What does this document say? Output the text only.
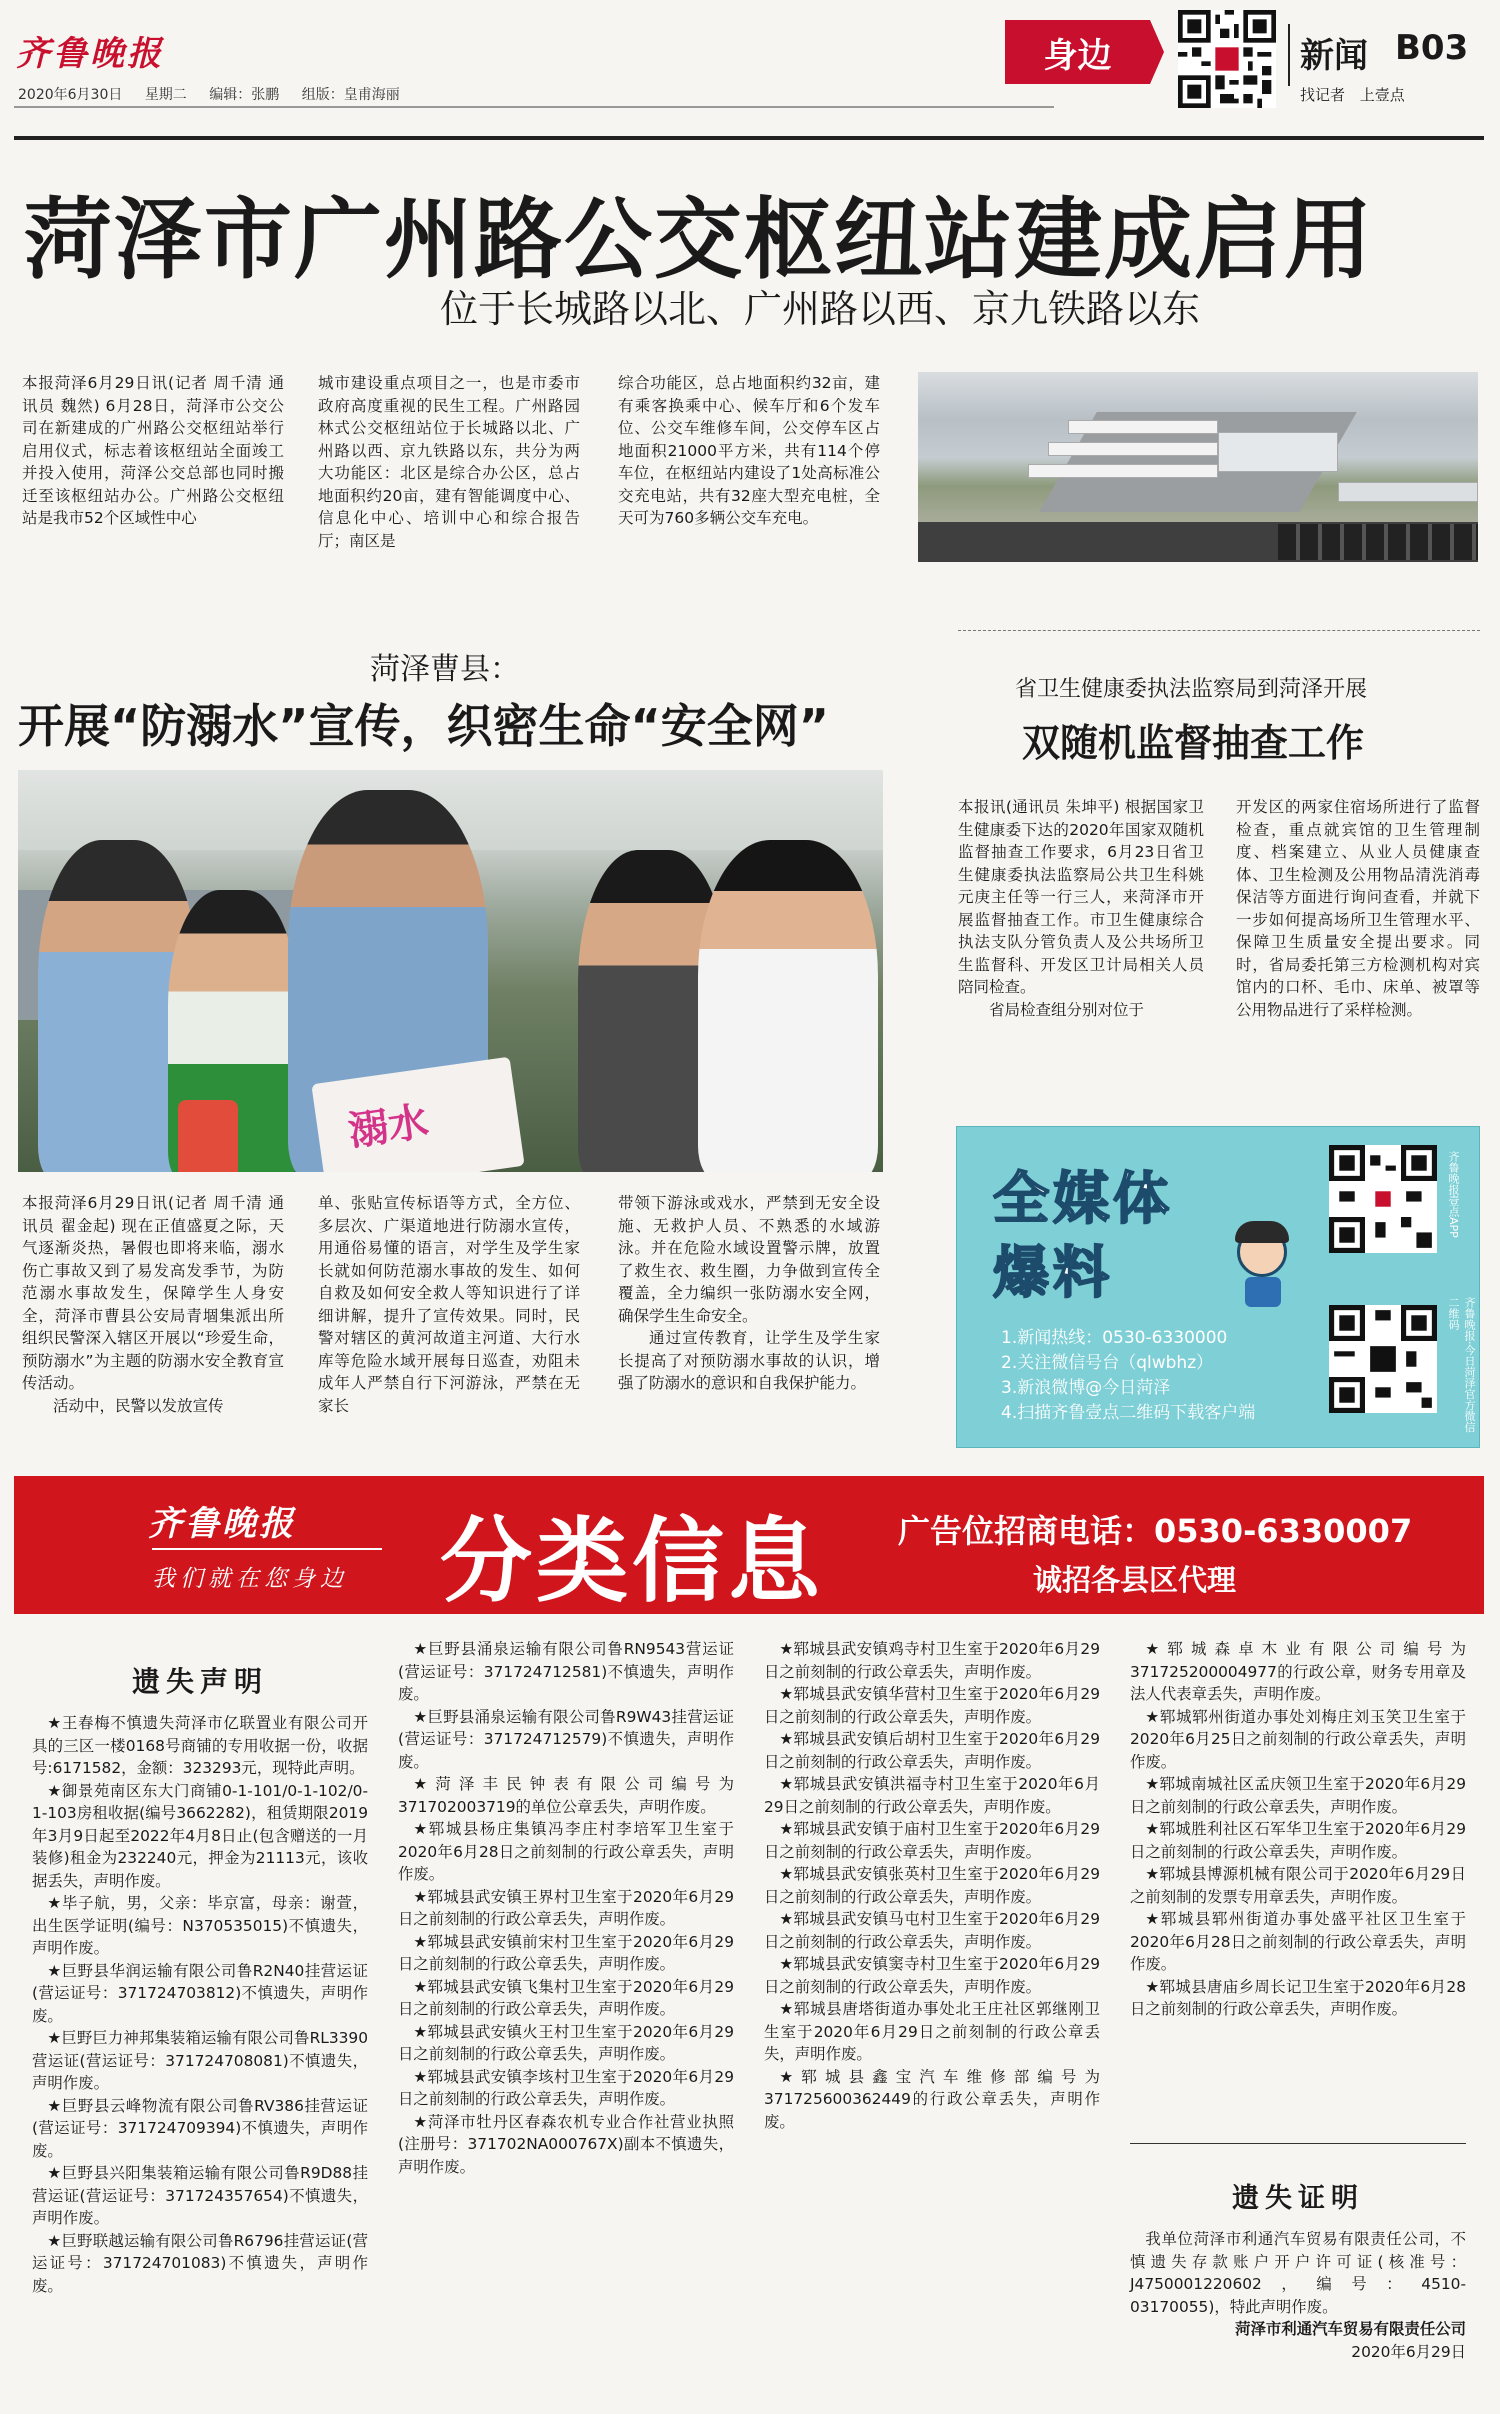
齐鲁晚报
2020年6月30日 星期二 编辑：张鹏 组版：皇甫海丽
身边	新闻 B03
找记者 上壹点
菏泽市广州路公交枢纽站建成启用
位于长城路以北、广州路以西、京九铁路以东
本报菏泽6月29日讯(记者 周千清 通讯员 魏然) 6月28日，菏泽市公交公司在新建成的广州路公交枢纽站举行启用仪式，标志着该枢纽站全面竣工并投入使用，菏泽公交总部也同时搬迁至该枢纽站办公。广州路公交枢纽站是我市52个区域性中心
城市建设重点项目之一，也是市委市政府高度重视的民生工程。广州路园林式公交枢纽站位于长城路以北、广州路以西、京九铁路以东，共分为两大功能区：北区是综合办公区，总占地面积约20亩，建有智能调度中心、信息化中心、培训中心和综合报告厅；南区是
综合功能区，总占地面积约32亩，建有乘客换乘中心、候车厅和6个发车位、公交车维修车间，公交停车区占地面积21000平方米，共有114个停车位，在枢纽站内建设了1处高标准公交充电站，共有32座大型充电桩，全天可为760多辆公交车充电。
菏泽曹县：
开展“防溺水”宣传，织密生命“安全网”
溺水
本报菏泽6月29日讯(记者 周千清 通讯员 翟金起) 现在正值盛夏之际，天气逐渐炎热，暑假也即将来临，溺水伤亡事故又到了易发高发季节，为防范溺水事故发生，保障学生人身安全，菏泽市曹县公安局青堌集派出所组织民警深入辖区开展以“珍爱生命，预防溺水”为主题的防溺水安全教育宣传活动。
活动中，民警以发放宣传
单、张贴宣传标语等方式，全方位、多层次、广渠道地进行防溺水宣传，用通俗易懂的语言，对学生及学生家长就如何防范溺水事故的发生、如何自救及如何安全救人等知识进行了详细讲解，提升了宣传效果。同时，民警对辖区的黄河故道主河道、大行水库等危险水域开展每日巡查，劝阻未成年人严禁自行下河游泳，严禁在无家长
带领下游泳或戏水，严禁到无安全设施、无救护人员、不熟悉的水域游泳。并在危险水域设置警示牌，放置了救生衣、救生圈，力争做到宣传全覆盖，全力编织一张防溺水安全网，确保学生生命安全。
通过宣传教育，让学生及学生家长提高了对预防溺水事故的认识，增强了防溺水的意识和自我保护能力。
省卫生健康委执法监察局到菏泽开展
双随机监督抽查工作
本报讯(通讯员 朱坤平) 根据国家卫生健康委下达的2020年国家双随机监督抽查工作要求，6月23日省卫生健康委执法监察局公共卫生科姚元庚主任等一行三人，来菏泽市开展监督抽查工作。市卫生健康综合执法支队分管负责人及公共场所卫生监督科、开发区卫计局相关人员陪同检查。
省局检查组分别对位于
开发区的两家住宿场所进行了监督检查，重点就宾馆的卫生管理制度、档案建立、从业人员健康查体、卫生检测及公用物品清洗消毒保洁等方面进行询问查看，并就下一步如何提高场所卫生管理水平、保障卫生质量安全提出要求。同时，省局委托第三方检测机构对宾馆内的口杯、毛巾、床单、被罩等公用物品进行了采样检测。
全媒体
爆料
1.新闻热线：0530-6330000
2.关注微信号台（qlwbhz）
3.新浪微博@今日菏泽
4.扫描齐鲁壹点二维码下载客户端
齐鲁晚报壹点APP
齐鲁晚报·今日菏泽官方微信二维码
齐鲁晚报
我们就在您身边 分类信息 广告位招商电话：0530-6330007
诚招各县区代理
遗失声明

★王春梅不慎遗失菏泽市亿联置业有限公司开具的三区一楼0168号商铺的专用收据一份，收据号:6171582，金额：323293元，现特此声明。

★御景苑南区东大门商铺0-1-101/0-1-102/0-1-103房租收据(编号3662282)，租赁期限2019年3月9日起至2022年4月8日止(包含赠送的一月装修)租金为232240元，押金为21113元，该收据丢失，声明作废。

★毕子航，男，父亲：毕京富，母亲：谢萱，出生医学证明(编号：N370535015)不慎遗失，声明作废。

★巨野县华润运输有限公司鲁R2N40挂营运证(营运证号：371724703812)不慎遗失，声明作废。

★巨野巨力神邦集装箱运输有限公司鲁RL3390营运证(营运证号：371724708081)不慎遗失，声明作废。

★巨野县云峰物流有限公司鲁RV386挂营运证(营运证号：371724709394)不慎遗失，声明作废。

★巨野县兴阳集装箱运输有限公司鲁R9D88挂营运证(营运证号：371724357654)不慎遗失，声明作废。

★巨野联越运输有限公司鲁R6796挂营运证(营运证号：371724701083)不慎遗失，声明作废。

★巨野县涌泉运输有限公司鲁RN9543营运证(营运证号：371724712581)不慎遗失，声明作废。

★巨野县涌泉运输有限公司鲁R9W43挂营运证(营运证号：371724712579)不慎遗失，声明作废。

★菏泽丰民钟表有限公司编号为371702003719的单位公章丢失，声明作废。

★郓城县杨庄集镇冯李庄村李培军卫生室于2020年6月28日之前刻制的行政公章丢失，声明作废。

★郓城县武安镇王界村卫生室于2020年6月29日之前刻制的行政公章丢失，声明作废。

★郓城县武安镇前宋村卫生室于2020年6月29日之前刻制的行政公章丢失，声明作废。

★郓城县武安镇飞集村卫生室于2020年6月29日之前刻制的行政公章丢失，声明作废。

★郓城县武安镇火王村卫生室于2020年6月29日之前刻制的行政公章丢失，声明作废。

★郓城县武安镇李垓村卫生室于2020年6月29日之前刻制的行政公章丢失，声明作废。

★菏泽市牡丹区春森农机专业合作社营业执照(注册号：371702NA000767X)副本不慎遗失，声明作废。

★郓城县武安镇鸡寺村卫生室于2020年6月29日之前刻制的行政公章丢失，声明作废。

★郓城县武安镇华营村卫生室于2020年6月29日之前刻制的行政公章丢失，声明作废。

★郓城县武安镇后胡村卫生室于2020年6月29日之前刻制的行政公章丢失，声明作废。

★郓城县武安镇洪福寺村卫生室于2020年6月29日之前刻制的行政公章丢失，声明作废。

★郓城县武安镇于庙村卫生室于2020年6月29日之前刻制的行政公章丢失，声明作废。

★郓城县武安镇张英村卫生室于2020年6月29日之前刻制的行政公章丢失，声明作废。

★郓城县武安镇马屯村卫生室于2020年6月29日之前刻制的行政公章丢失，声明作废。

★郓城县武安镇窦寺村卫生室于2020年6月29日之前刻制的行政公章丢失，声明作废。

★郓城县唐塔街道办事处北王庄社区郭继刚卫生室于2020年6月29日之前刻制的行政公章丢失，声明作废。

★郓城县鑫宝汽车维修部编号为371725600362449的行政公章丢失，声明作废。

★郓城森卓木业有限公司编号为371725200004977的行政公章，财务专用章及法人代表章丢失，声明作废。

★郓城郓州街道办事处刘梅庄刘玉笑卫生室于2020年6月25日之前刻制的行政公章丢失，声明作废。

★郓城南城社区孟庆领卫生室于2020年6月29日之前刻制的行政公章丢失，声明作废。

★郓城胜利社区石军华卫生室于2020年6月29日之前刻制的行政公章丢失，声明作废。

★郓城县博源机械有限公司于2020年6月29日之前刻制的发票专用章丢失，声明作废。

★郓城县郓州街道办事处盛平社区卫生室于2020年6月28日之前刻制的行政公章丢失，声明作废。

★郓城县唐庙乡周长记卫生室于2020年6月28日之前刻制的行政公章丢失，声明作废。

遗失证明

我单位菏泽市利通汽车贸易有限责任公司，不慎遗失存款账户开户许可证(核准号：J4750001220602，编号：4510-03170055)，特此声明作废。

菏泽市利通汽车贸易有限责任公司
2020年6月29日
